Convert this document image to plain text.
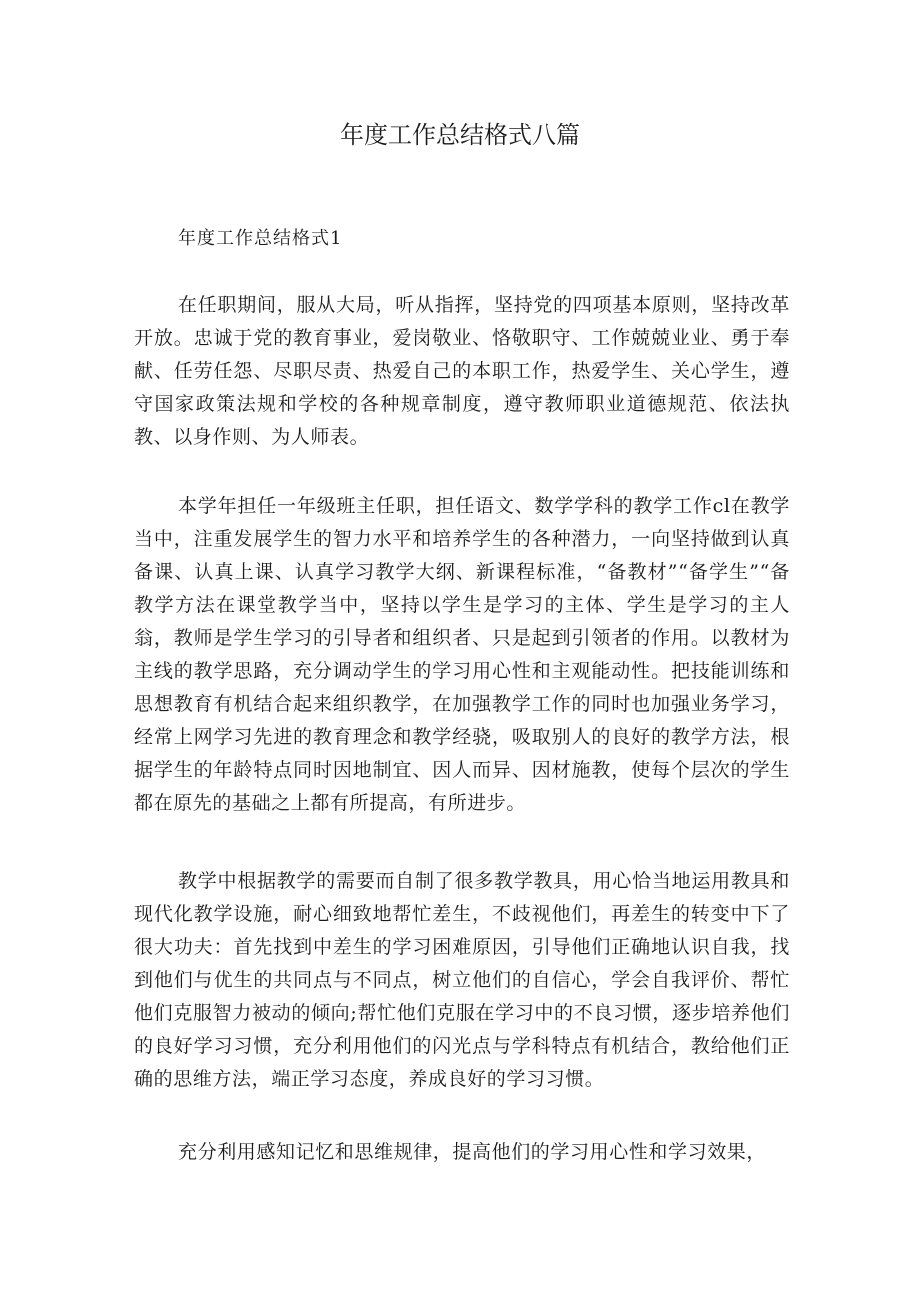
年度工作总结格式八篇
年度工作总结格式1

在任职期间，服从大局，听从指挥，坚持党的四项基本原则，坚持改革开放。忠诚于党的教育事业，爱岗敬业、恪敬职守、工作兢兢业业、勇于奉献、任劳任怨、尽职尽责、热爱自己的本职工作，热爱学生、关心学生，遵守国家政策法规和学校的各种规章制度，遵守教师职业道德规范、依法执教、以身作则、为人师表。

本学年担任一年级班主任职，担任语文、数学学科的教学工作cl在教学当中，注重发展学生的智力水平和培养学生的各种潜力，一向坚持做到认真备课、认真上课、认真学习教学大纲、新课程标准，“备教材”“备学生”“备教学方法在课堂教学当中，坚持以学生是学习的主体、学生是学习的主人翁，教师是学生学习的引导者和组织者、只是起到引领者的作用。以教材为主线的教学思路，充分调动学生的学习用心性和主观能动性。把技能训练和思想教育有机结合起来组织教学，在加强教学工作的同时也加强业务学习，经常上网学习先进的教育理念和教学经骁，吸取别人的良好的教学方法，根据学生的年龄特点同时因地制宜、因人而异、因材施教，使每个层次的学生都在原先的基础之上都有所提高，有所进步。

教学中根据教学的需要而自制了很多教学教具，用心恰当地运用教具和现代化教学设施，耐心细致地帮忙差生，不歧视他们，再差生的转变中下了很大功夫：首先找到中差生的学习困难原因，引导他们正确地认识自我，找到他们与优生的共同点与不同点，树立他们的自信心，学会自我评价、帮忙他们克服智力被动的倾向;帮忙他们克服在学习中的不良习惯，逐步培养他们的良好学习习惯，充分利用他们的闪光点与学科特点有机结合，教给他们正确的思维方法，端正学习态度，养成良好的学习习惯。

充分利用感知记忆和思维规律，提高他们的学习用心性和学习效果，
